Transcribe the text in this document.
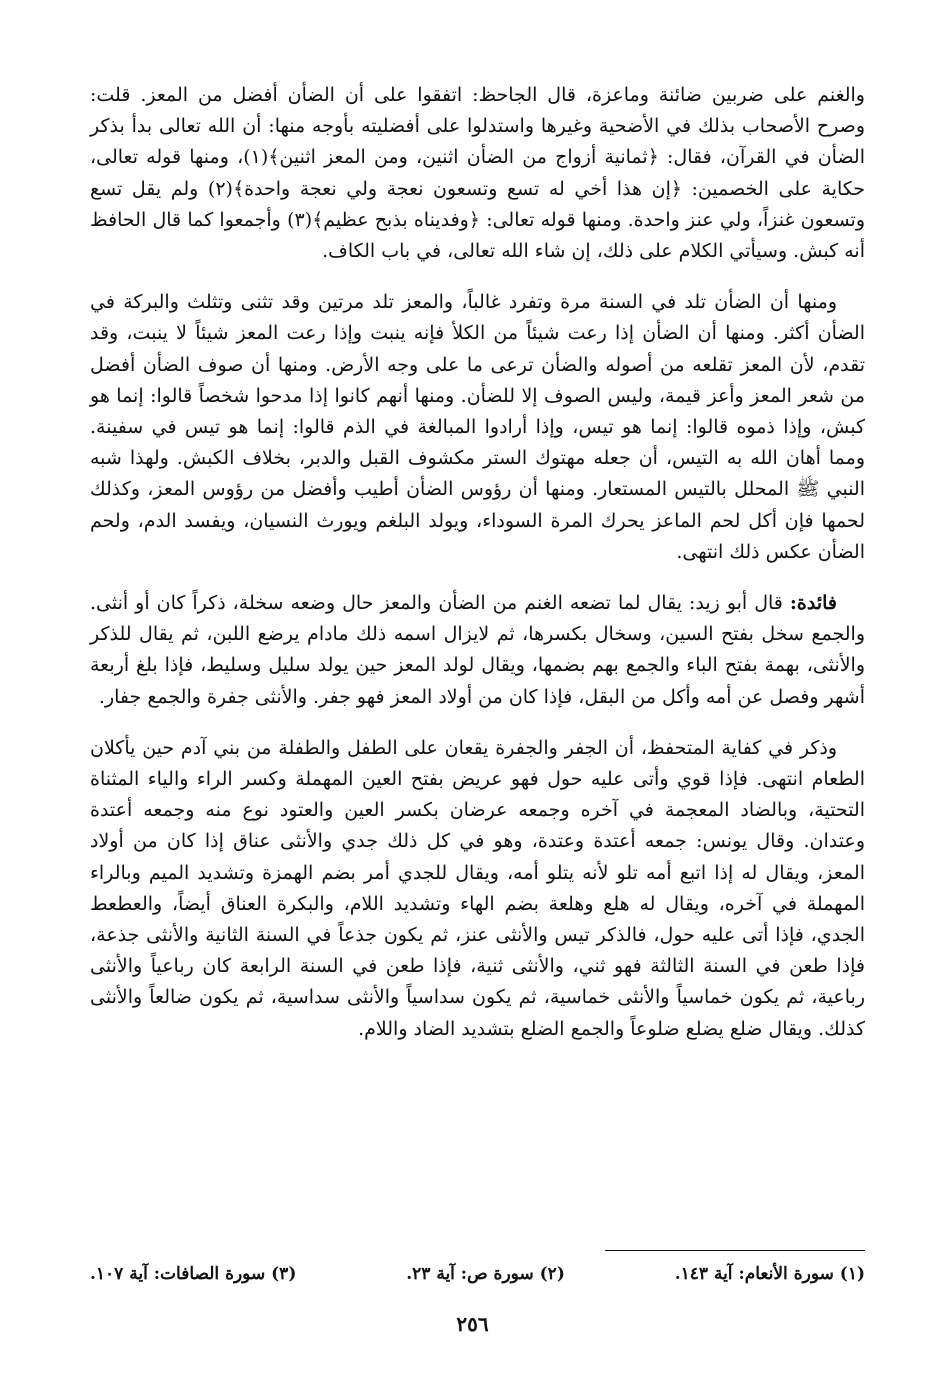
والغنم على ضربين ضائنة وماعزة، قال الجاحظ: اتفقوا على أن الضأن أفضل من المعز. قلت: وصرح الأصحاب بذلك في الأضحية وغيرها واستدلوا على أفضليته بأوجه منها: أن الله تعالى بدأ بذكر الضأن في القرآن، فقال: ﴿ثمانية أزواج من الضأن اثنين، ومن المعز اثنين﴾(١)، ومنها قوله تعالى، حكاية على الخصمين: ﴿إن هذا أخي له تسع وتسعون نعجة ولي نعجة واحدة﴾(٢) ولم يقل تسع وتسعون غنزاً، ولي عنز واحدة. ومنها قوله تعالى: ﴿وفديناه بذبح عظيم﴾(٣) وأجمعوا كما قال الحافظ أنه كبش. وسيأتي الكلام على ذلك، إن شاء الله تعالى، في باب الكاف.

ومنها أن الضأن تلد في السنة مرة وتفرد غالباً، والمعز تلد مرتين وقد تثنى وتثلث والبركة في الضأن أكثر. ومنها أن الضأن إذا رعت شيئاً من الكلأ فإنه ينبت وإذا رعت المعز شيئاً لا ينبت، وقد تقدم، لأن المعز تقلعه من أصوله والضأن ترعى ما على وجه الأرض. ومنها أن صوف الضأن أفضل من شعر المعز وأعز قيمة، وليس الصوف إلا للضأن. ومنها أنهم كانوا إذا مدحوا شخصاً قالوا: إنما هو كبش، وإذا ذموه قالوا: إنما هو تيس، وإذا أرادوا المبالغة في الذم قالوا: إنما هو تيس في سفينة. ومما أهان الله به التيس، أن جعله مهتوك الستر مكشوف القبل والدبر، بخلاف الكبش. ولهذا شبه النبي ﷺ المحلل بالتيس المستعار. ومنها أن رؤوس الضأن أطيب وأفضل من رؤوس المعز، وكذلك لحمها فإن أكل لحم الماعز يحرك المرة السوداء، ويولد البلغم ويورث النسيان، ويفسد الدم، ولحم الضأن عكس ذلك انتهى.

فائدة: قال أبو زيد: يقال لما تضعه الغنم من الضأن والمعز حال وضعه سخلة، ذكراً كان أو أنثى. والجمع سخل بفتح السين، وسخال بكسرها، ثم لايزال اسمه ذلك مادام يرضع اللبن، ثم يقال للذكر والأنثى، بهمة بفتح الباء والجمع بهم بضمها، ويقال لولد المعز حين يولد سليل وسليط، فإذا بلغ أربعة أشهر وفصل عن أمه وأكل من البقل، فإذا كان من أولاد المعز فهو جفر. والأنثى جفرة والجمع جفار.

وذكر في كفاية المتحفظ، أن الجفر والجفرة يقعان على الطفل والطفلة من بني آدم حين يأكلان الطعام انتهى. فإذا قوي وأتى عليه حول فهو عريض بفتح العين المهملة وكسر الراء والياء المثناة التحتية، وبالضاد المعجمة في آخره وجمعه عرضان بكسر العين والعتود نوع منه وجمعه أعتدة وعتدان. وقال يونس: جمعه أعتدة وعتدة، وهو في كل ذلك جدي والأنثى عناق إذا كان من أولاد المعز، ويقال له إذا اتبع أمه تلو لأنه يتلو أمه، ويقال للجدي أمر بضم الهمزة وتشديد الميم وبالراء المهملة في آخره، ويقال له هلع وهلعة بضم الهاء وتشديد اللام، والبكرة العناق أيضاً، والعطعط الجدي، فإذا أتى عليه حول، فالذكر تيس والأنثى عنز، ثم يكون جذعاً في السنة الثانية والأنثى جذعة، فإذا طعن في السنة الثالثة فهو ثني، والأنثى ثنية، فإذا طعن في السنة الرابعة كان رباعياً والأنثى رباعية، ثم يكون خماسياً والأنثى خماسية، ثم يكون سداسياً والأنثى سداسية، ثم يكون ضالعاً والأنثى كذلك. ويقال ضلع يضلع ضلوعاً والجمع الضلع بتشديد الضاد واللام.

(١) سورة الأنعام: آية ١٤٣.
(٢) سورة ص: آية ٢٣.
(٣) سورة الصافات: آية ١٠٧.
٢٥٦
